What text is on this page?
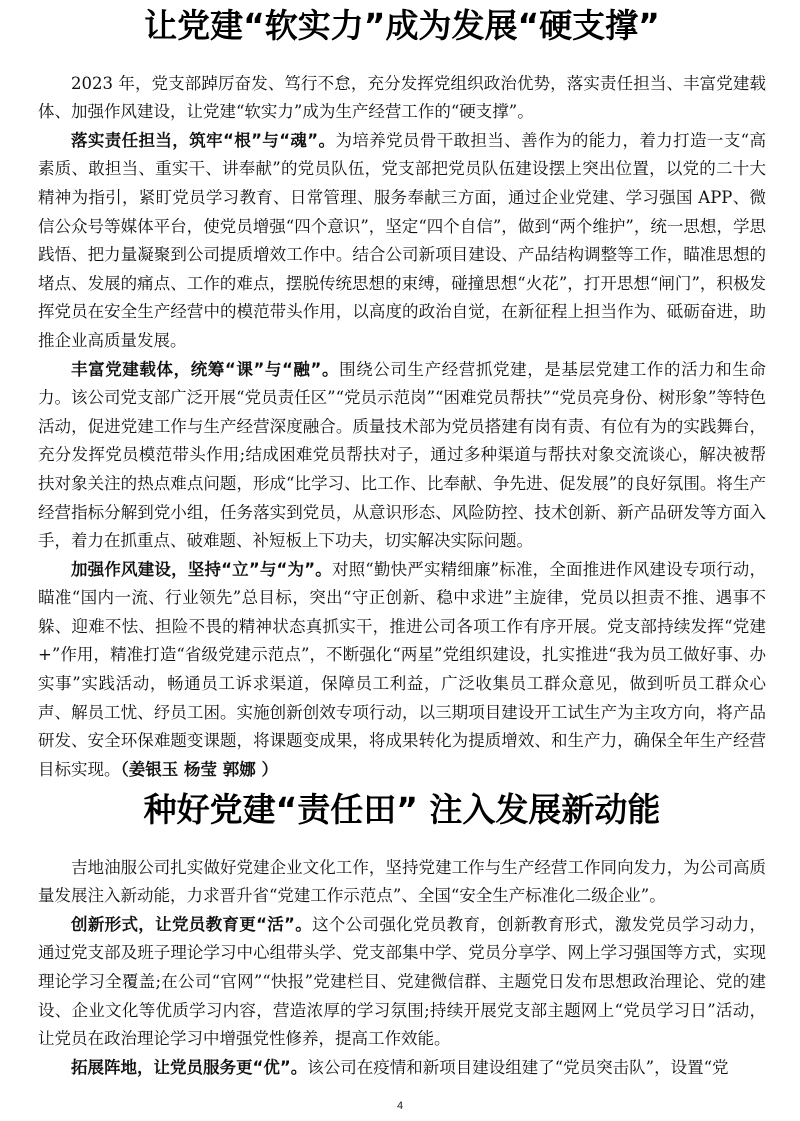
让党建“软实力”成为发展“硬支撑”

2023 年，党支部踔厉奋发、笃行不怠，充分发挥党组织政治优势，落实责任担当、丰富党建载体、加强作风建设，让党建“软实力”成为生产经营工作的“硬支撑”。

落实责任担当，筑牢“根”与“魂”。为培养党员骨干敢担当、善作为的能力，着力打造一支“高素质、敢担当、重实干、讲奉献”的党员队伍，党支部把党员队伍建设摆上突出位置，以党的二十大精神为指引，紧盯党员学习教育、日常管理、服务奉献三方面，通过企业党建、学习强国 APP、微信公众号等媒体平台，使党员增强“四个意识”，坚定“四个自信”，做到“两个维护”，统一思想，学思践悟、把力量凝聚到公司提质增效工作中。结合公司新项目建设、产品结构调整等工作，瞄准思想的堵点、发展的痛点、工作的难点，摆脱传统思想的束缚，碰撞思想“火花”，打开思想“闸门”，积极发挥党员在安全生产经营中的模范带头作用，以高度的政治自觉，在新征程上担当作为、砥砺奋进，助推企业高质量发展。

丰富党建载体，统筹“课”与“融”。围绕公司生产经营抓党建，是基层党建工作的活力和生命力。该公司党支部广泛开展“党员责任区”“党员示范岗”“困难党员帮扶”“党员亮身份、树形象”等特色活动，促进党建工作与生产经营深度融合。质量技术部为党员搭建有岗有责、有位有为的实践舞台，充分发挥党员模范带头作用;结成困难党员帮扶对子，通过多种渠道与帮扶对象交流谈心，解决被帮扶对象关注的热点难点问题，形成“比学习、比工作、比奉献、争先进、促发展”的良好氛围。将生产经营指标分解到党小组，任务落实到党员，从意识形态、风险防控、技术创新、新产品研发等方面入手，着力在抓重点、破难题、补短板上下功夫，切实解决实际问题。

加强作风建设，坚持“立”与“为”。对照“勤快严实精细廉”标准，全面推进作风建设专项行动，瞄准“国内一流、行业领先”总目标，突出“守正创新、稳中求进”主旋律，党员以担责不推、遇事不躲、迎难不怯、担险不畏的精神状态真抓实干，推进公司各项工作有序开展。党支部持续发挥“党建+”作用，精准打造“省级党建示范点”，不断强化“两星”党组织建设，扎实推进“我为员工做好事、办实事”实践活动，畅通员工诉求渠道，保障员工利益，广泛收集员工群众意见，做到听员工群众心声、解员工忧、纾员工困。实施创新创效专项行动，以三期项目建设开工试生产为主攻方向，将产品研发、安全环保难题变课题，将课题变成果，将成果转化为提质增效、和生产力，确保全年生产经营目标实现。（姜银玉 杨莹 郭娜 ）

种好党建“责任田” 注入发展新动能

吉地油服公司扎实做好党建企业文化工作，坚持党建工作与生产经营工作同向发力，为公司高质量发展注入新动能，力求晋升省“党建工作示范点”、全国“安全生产标准化二级企业”。

创新形式，让党员教育更“活”。这个公司强化党员教育，创新教育形式，激发党员学习动力，通过党支部及班子理论学习中心组带头学、党支部集中学、党员分享学、网上学习强国等方式，实现理论学习全覆盖;在公司“官网”“快报”党建栏目、党建微信群、主题党日发布思想政治理论、党的建设、企业文化等优质学习内容，营造浓厚的学习氛围;持续开展党支部主题网上“党员学习日”活动，让党员在政治理论学习中增强党性修养，提高工作效能。

拓展阵地，让党员服务更“优”。该公司在疫情和新项目建设组建了“党员突击队”，设置“党

4
